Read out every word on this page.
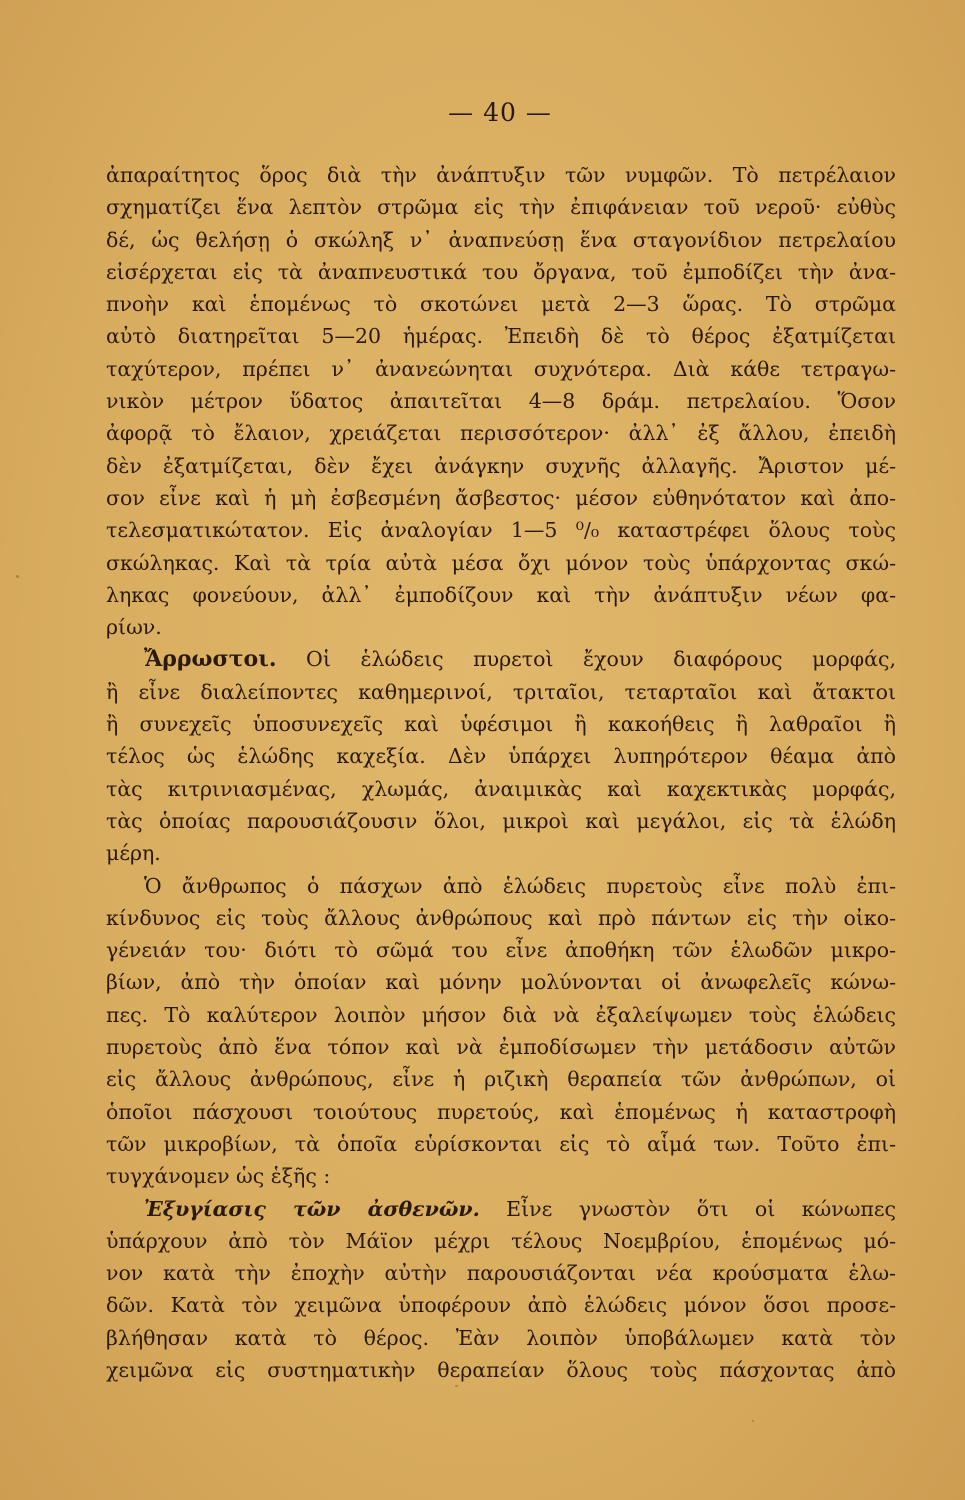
— 40 —
ἀπαραίτητος ὅρος διὰ τὴν ἀνάπτυξιν τῶν νυμφῶν. Τὸ πετρέλαιον
σχηματίζει ἕνα λεπτὸν στρῶμα εἰς τὴν ἐπιφάνειαν τοῦ νεροῦ· εὐθὺς
δέ, ὡς θελήσῃ ὁ σκώληξ ν᾽ ἀναπνεύσῃ ἕνα σταγονίδιον πετρελαίου
εἰσέρχεται εἰς τὰ ἀναπνευστικά του ὄργανα, τοῦ ἐμποδίζει τὴν ἀνα-
πνοὴν καὶ ἑπομένως τὸ σκοτώνει μετὰ 2—3 ὥρας. Τὸ στρῶμα
αὐτὸ διατηρεῖται 5—20 ἡμέρας. Ἐπειδὴ δὲ τὸ θέρος ἐξατμίζεται
ταχύτερον, πρέπει ν᾽ ἀνανεώνηται συχνότερα. Διὰ κάθε τετραγω-
νικὸν μέτρον ὕδατος ἀπαιτεῖται 4—8 δράμ. πετρελαίου. Ὅσον
ἀφορᾷ τὸ ἔλαιον, χρειάζεται περισσότερον· ἀλλ᾽ ἐξ ἄλλου, ἐπειδὴ
δὲν ἐξατμίζεται, δὲν ἔχει ἀνάγκην συχνῆς ἀλλαγῆς. Ἄριστον μέ-
σον εἶνε καὶ ἡ μὴ ἐσβεσμένη ἄσβεστος· μέσον εὐθηνότατον καὶ ἀπο-
τελεσματικώτατον. Εἰς ἀναλογίαν 1—5 ⁰/₀ καταστρέφει ὅλους τοὺς
σκώληκας. Καὶ τὰ τρία αὐτὰ μέσα ὄχι μόνον τοὺς ὑπάρχοντας σκώ-
ληκας φονεύουν, ἀλλ᾽ ἐμποδίζουν καὶ τὴν ἀνάπτυξιν νέων φα-
ρίων.
Ἄρρωστοι. Οἱ ἑλώδεις πυρετοὶ ἔχουν διαφόρους μορφάς,
ἢ εἶνε διαλείποντες καθημερινοί, τριταῖοι, τεταρταῖοι καὶ ἄτακτοι
ἢ συνεχεῖς ὑποσυνεχεῖς καὶ ὑφέσιμοι ἢ κακοήθεις ἢ λαθραῖοι ἢ
τέλος ὡς ἑλώδης καχεξία. Δὲν ὑπάρχει λυπηρότερον θέαμα ἀπὸ
τὰς κιτρινιασμένας, χλωμάς, ἀναιμικὰς καὶ καχεκτικὰς μορφάς,
τὰς ὁποίας παρουσιάζουσιν ὅλοι, μικροὶ καὶ μεγάλοι, εἰς τὰ ἑλώδη
μέρη.
Ὁ ἄνθρωπος ὁ πάσχων ἀπὸ ἑλώδεις πυρετοὺς εἶνε πολὺ ἐπι-
κίνδυνος εἰς τοὺς ἄλλους ἀνθρώπους καὶ πρὸ πάντων εἰς τὴν οἰκο-
γένειάν του· διότι τὸ σῶμά του εἶνε ἀποθήκη τῶν ἑλωδῶν μικρο-
βίων, ἀπὸ τὴν ὁποίαν καὶ μόνην μολύνονται οἱ ἀνωφελεῖς κώνω-
πες. Τὸ καλύτερον λοιπὸν μήσον διὰ νὰ ἐξαλείψωμεν τοὺς ἑλώδεις
πυρετοὺς ἀπὸ ἕνα τόπον καὶ νὰ ἐμποδίσωμεν τὴν μετάδοσιν αὐτῶν
εἰς ἄλλους ἀνθρώπους, εἶνε ἡ ριζικὴ θεραπεία τῶν ἀνθρώπων, οἱ
ὁποῖοι πάσχουσι τοιούτους πυρετούς, καὶ ἑπομένως ἡ καταστροφὴ
τῶν μικροβίων, τὰ ὁποῖα εὑρίσκονται εἰς τὸ αἷμά των. Τοῦτο ἐπι-
τυγχάνομεν ὡς ἑξῆς :
Ἐξυγίασις τῶν ἀσθενῶν. Εἶνε γνωστὸν ὅτι οἱ κώνωπες
ὑπάρχουν ἀπὸ τὸν Μάϊον μέχρι τέλους Νοεμβρίου, ἑπομένως μό-
νον κατὰ τὴν ἐποχὴν αὐτὴν παρουσιάζονται νέα κρούσματα ἑλω-
δῶν. Κατὰ τὸν χειμῶνα ὑποφέρουν ἀπὸ ἑλώδεις μόνον ὅσοι προσε-
βλήθησαν κατὰ τὸ θέρος. Ἐὰν λοιπὸν ὑποβάλωμεν κατὰ τὸν
χειμῶνα εἰς συστηματικὴν θεραπείαν ὅλους τοὺς πάσχοντας ἀπὸ
